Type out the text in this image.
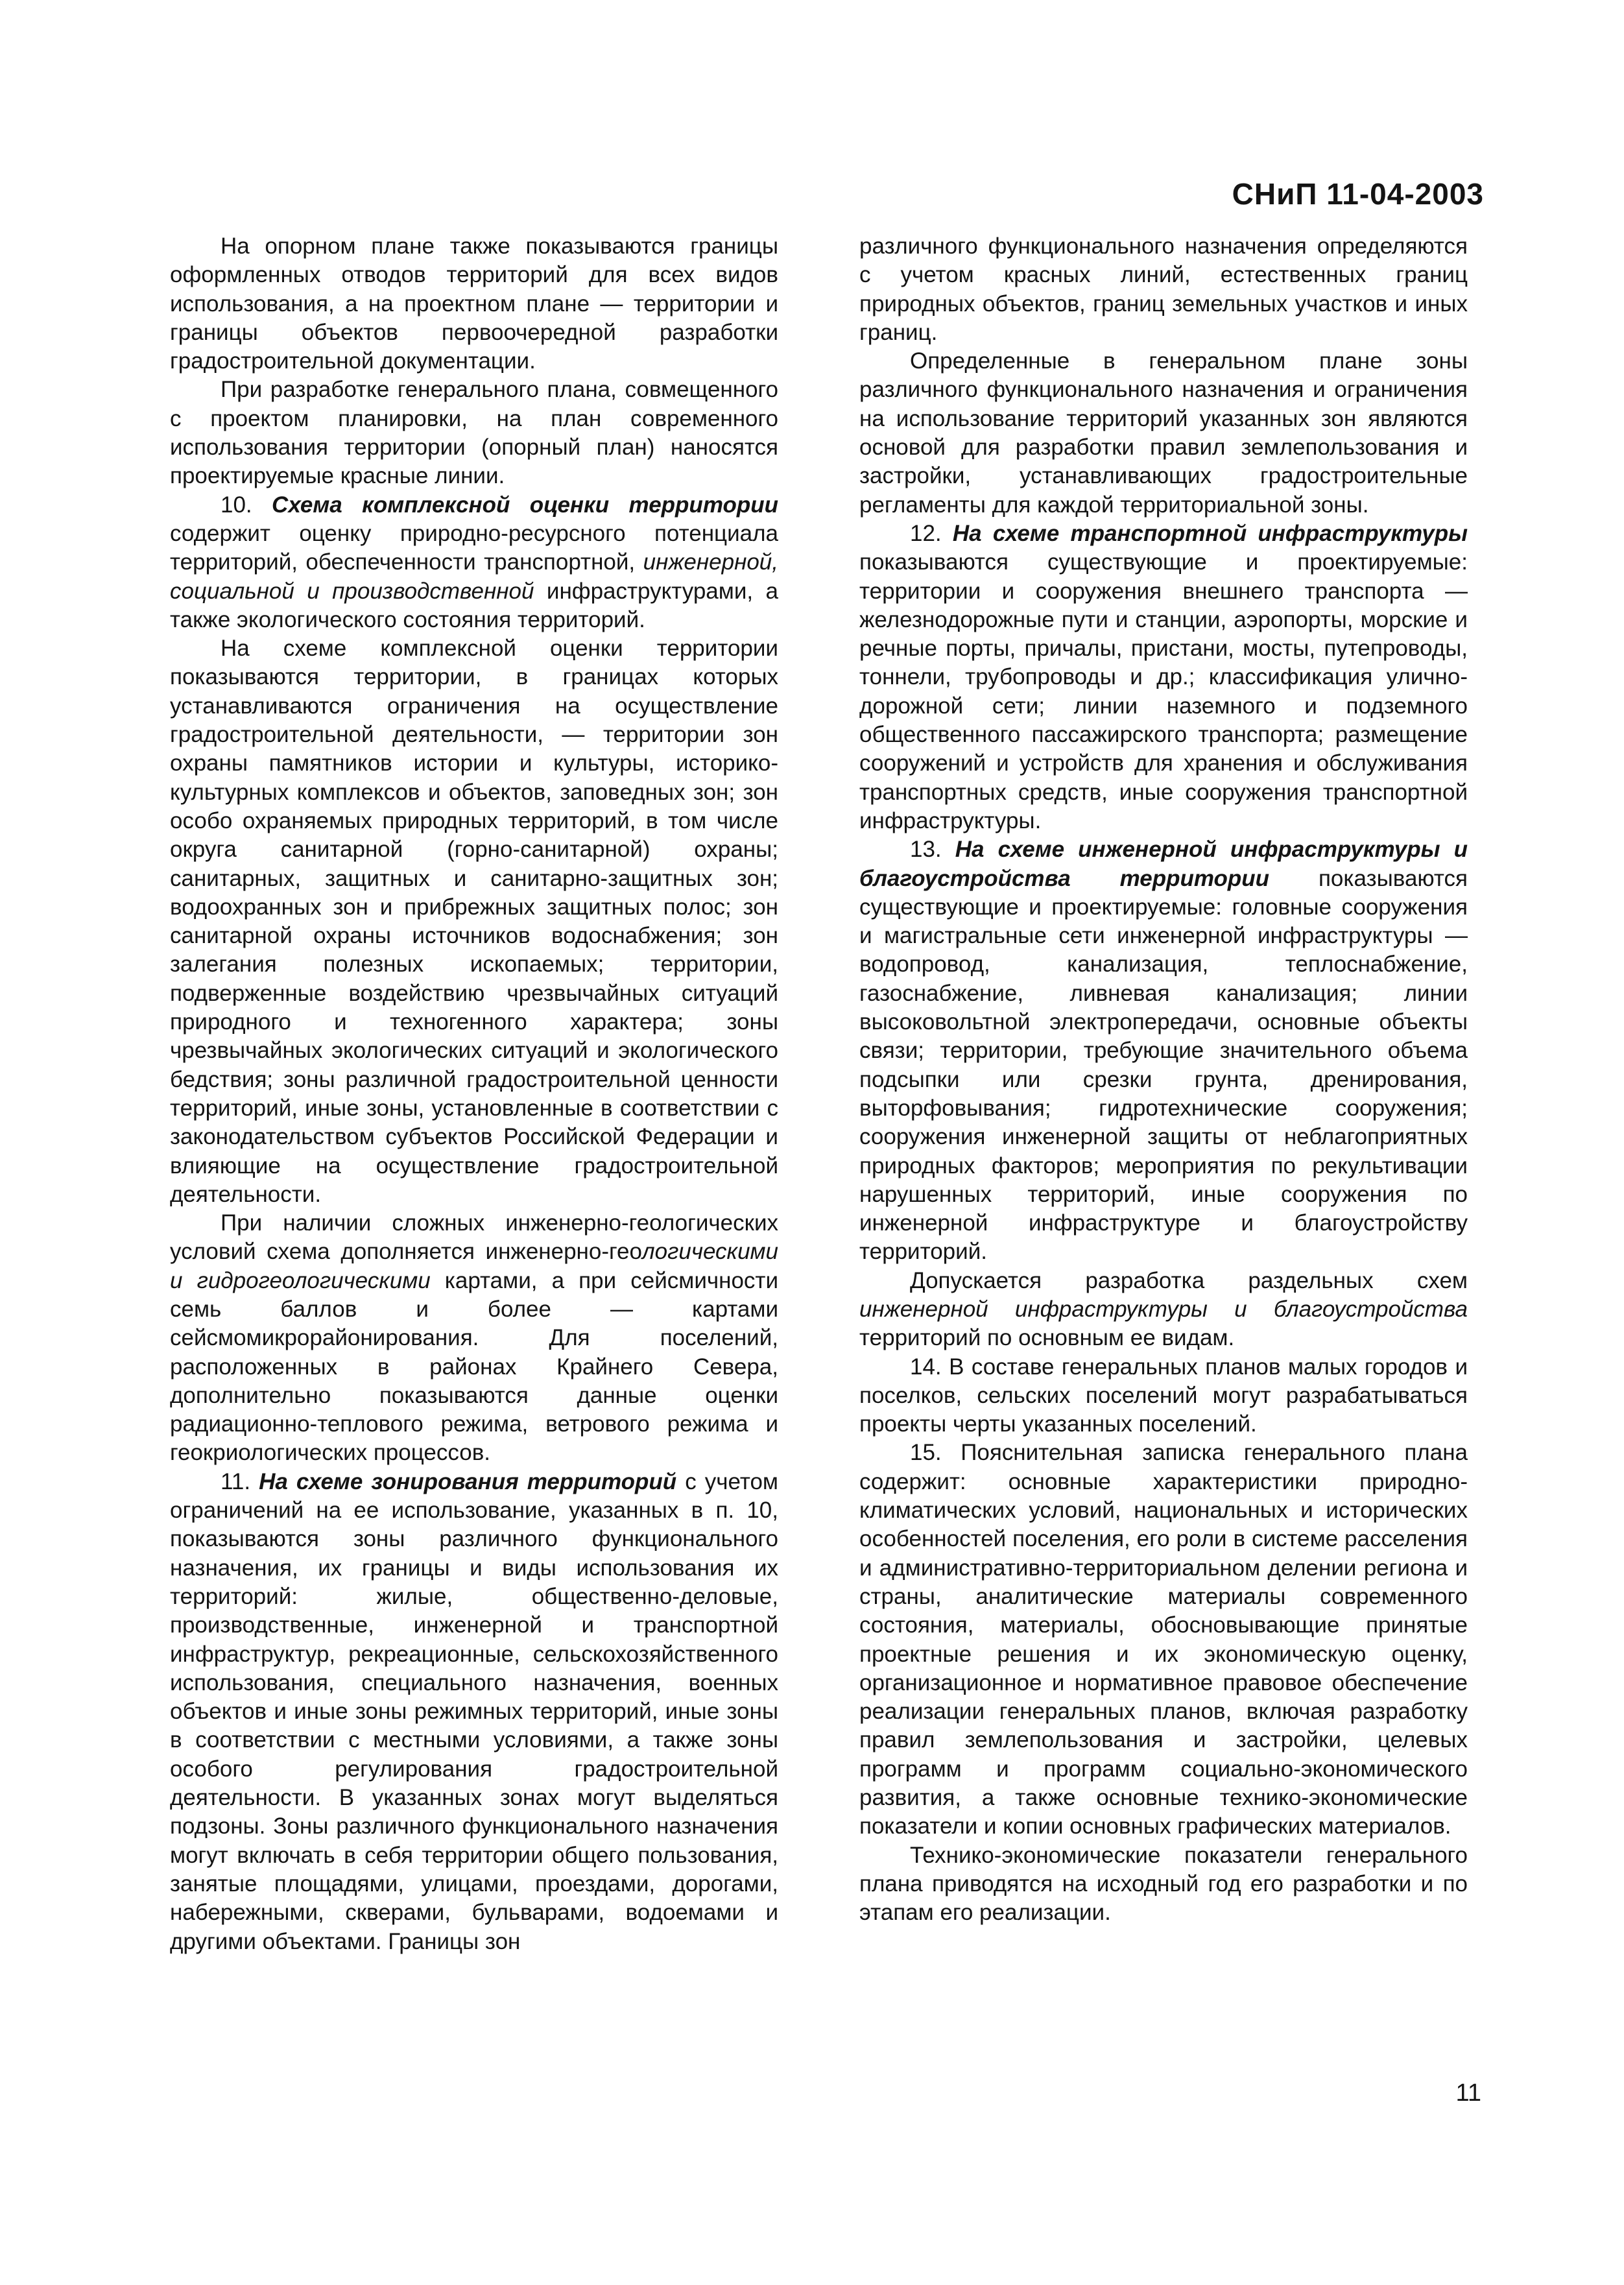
СНиП 11-04-2003

На опорном плане также показываются границы оформленных отводов территорий для всех видов использования, а на проектном плане — территории и границы объектов первоочередной разработки градостроительной документации.

При разработке генерального плана, совмещенного с проектом планировки, на план современного использования территории (опорный план) наносятся проектируемые красные линии.

10. Схема комплексной оценки территории содержит оценку природно-ресурсного потенциала территорий, обеспеченности транспортной, инженерной, социальной и производственной инфраструктурами, а также экологического состояния территорий.

На схеме комплексной оценки территории показываются территории, в границах которых устанавливаются ограничения на осуществление градостроительной деятельности, — территории зон охраны памятников истории и культуры, историко-культурных комплексов и объектов, заповедных зон; зон особо охраняемых природных территорий, в том числе округа санитарной (горно-санитарной) охраны; санитарных, защитных и санитарно-защитных зон; водоохранных зон и прибрежных защитных полос; зон санитарной охраны источников водоснабжения; зон залегания полезных ископаемых; территории, подверженные воздействию чрезвычайных ситуаций природного и техногенного характера; зоны чрезвычайных экологических ситуаций и экологического бедствия; зоны различной градостроительной ценности территорий, иные зоны, установленные в соответствии с законодательством субъектов Российской Федерации и влияющие на осуществление градостроительной деятельности.

При наличии сложных инженерно-геологических условий схема дополняется инженерно-геологическими и гидрогеологическими картами, а при сейсмичности семь баллов и более — картами сейсмомикрорайонирования. Для поселений, расположенных в районах Крайнего Севера, дополнительно показываются данные оценки радиационно-теплового режима, ветрового режима и геокриологических процессов.

11. На схеме зонирования территорий с учетом ограничений на ее использование, указанных в п. 10, показываются зоны различного функционального назначения, их границы и виды использования их территорий: жилые, общественно-деловые, производственные, инженерной и транспортной инфраструктур, рекреационные, сельскохозяйственного использования, специального назначения, военных объектов и иные зоны режимных территорий, иные зоны в соответствии с местными условиями, а также зоны особого регулирования градостроительной деятельности. В указанных зонах могут выделяться подзоны. Зоны различного функционального назначения могут включать в себя территории общего пользования, занятые площадями, улицами, проездами, дорогами, набережными, скверами, бульварами, водоемами и другими объектами. Границы зон

различного функционального назначения определяются с учетом красных линий, естественных границ природных объектов, границ земельных участков и иных границ.

Определенные в генеральном плане зоны различного функционального назначения и ограничения на использование территорий указанных зон являются основой для разработки правил землепользования и застройки, устанавливающих градостроительные регламенты для каждой территориальной зоны.

12. На схеме транспортной инфраструктуры показываются существующие и проектируемые: территории и сооружения внешнего транспорта — железнодорожные пути и станции, аэропорты, морские и речные порты, причалы, пристани, мосты, путепроводы, тоннели, трубопроводы и др.; классификация улично-дорожной сети; линии наземного и подземного общественного пассажирского транспорта; размещение сооружений и устройств для хранения и обслуживания транспортных средств, иные сооружения транспортной инфраструктуры.

13. На схеме инженерной инфраструктуры и благоустройства территории показываются существующие и проектируемые: головные сооружения и магистральные сети инженерной инфраструктуры — водопровод, канализация, теплоснабжение, газоснабжение, ливневая канализация; линии высоковольтной электропередачи, основные объекты связи; территории, требующие значительного объема подсыпки или срезки грунта, дренирования, выторфовывания; гидротехнические сооружения; сооружения инженерной защиты от неблагоприятных природных факторов; мероприятия по рекультивации нарушенных территорий, иные сооружения по инженерной инфраструктуре и благоустройству территорий.

Допускается разработка раздельных схем инженерной инфраструктуры и благоустройства территорий по основным ее видам.

14. В составе генеральных планов малых городов и поселков, сельских поселений могут разрабатываться проекты черты указанных поселений.

15. Пояснительная записка генерального плана содержит: основные характеристики природно-климатических условий, национальных и исторических особенностей поселения, его роли в системе расселения и административно-территориальном делении региона и страны, аналитические материалы современного состояния, материалы, обосновывающие принятые проектные решения и их экономическую оценку, организационное и нормативное правовое обеспечение реализации генеральных планов, включая разработку правил землепользования и застройки, целевых программ и программ социально-экономического развития, а также основные технико-экономические показатели и копии основных графических материалов.

Технико-экономические показатели генерального плана приводятся на исходный год его разработки и по этапам его реализации.

11
